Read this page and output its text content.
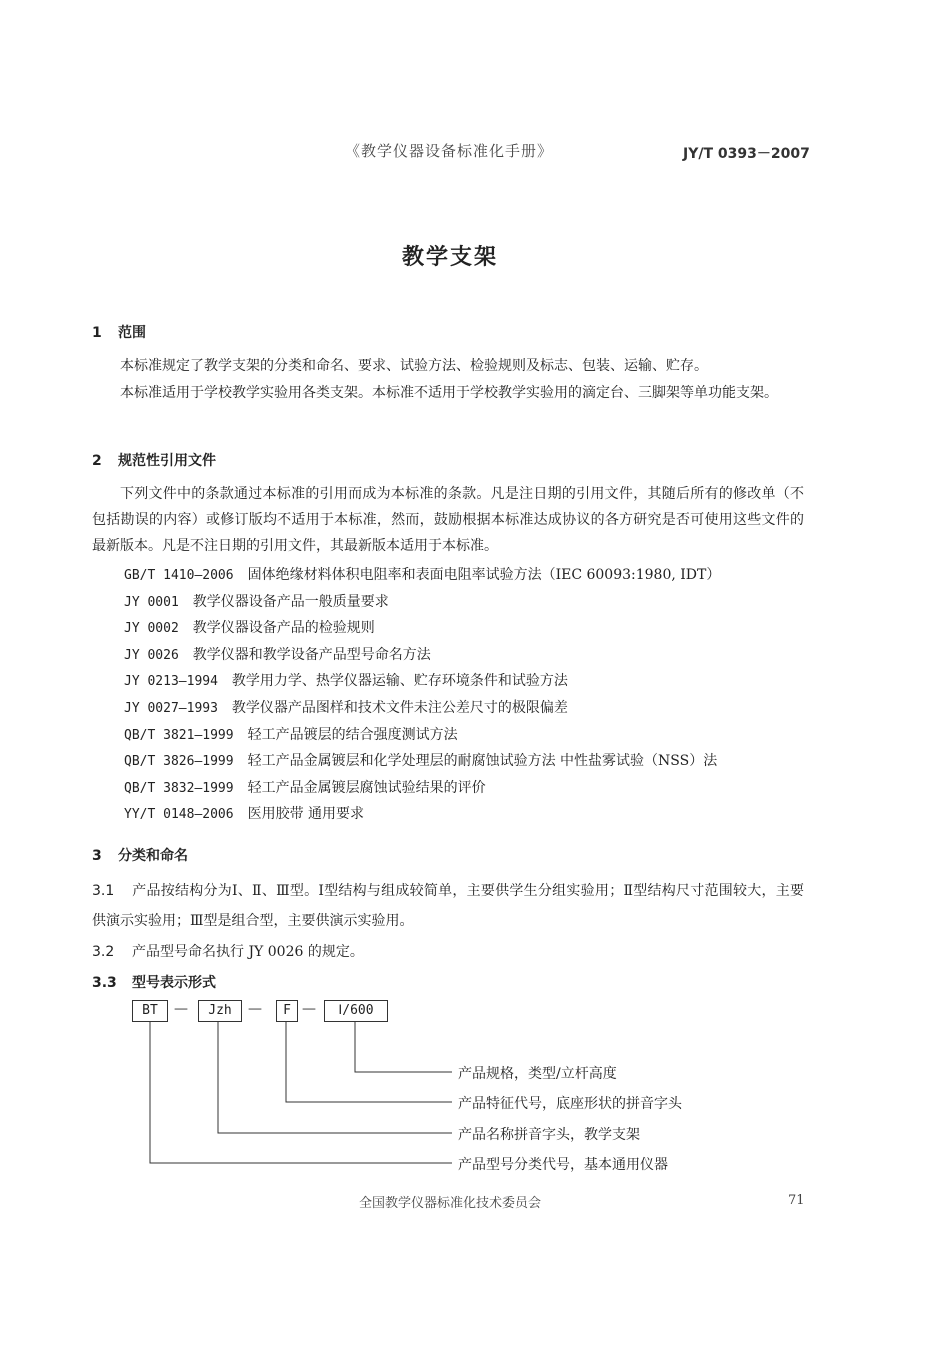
《教学仪器设备标准化手册》	JY/T 0393－2007
教学支架
1 范围
本标准规定了教学支架的分类和命名、要求、试验方法、检验规则及标志、包装、运输、贮存。
本标准适用于学校教学实验用各类支架。本标准不适用于学校教学实验用的滴定台、三脚架等单功能支架。
2 规范性引用文件
下列文件中的条款通过本标准的引用而成为本标准的条款。凡是注日期的引用文件，其随后所有的修改单（不包括勘误的内容）或修订版均不适用于本标准，然而，鼓励根据本标准达成协议的各方研究是否可使用这些文件的最新版本。凡是不注日期的引用文件，其最新版本适用于本标准。
GB/T 1410—2006 固体绝缘材料体积电阻率和表面电阻率试验方法（IEC 60093:1980, IDT）
JY 0001 教学仪器设备产品一般质量要求
JY 0002 教学仪器设备产品的检验规则
JY 0026 教学仪器和教学设备产品型号命名方法
JY 0213—1994 教学用力学、热学仪器运输、贮存环境条件和试验方法
JY 0027—1993 教学仪器产品图样和技术文件未注公差尺寸的极限偏差
QB/T 3821—1999 轻工产品镀层的结合强度测试方法
QB/T 3826—1999 轻工产品金属镀层和化学处理层的耐腐蚀试验方法 中性盐雾试验（NSS）法
QB/T 3832—1999 轻工产品金属镀层腐蚀试验结果的评价
YY/T 0148—2006 医用胶带 通用要求
3 分类和命名
3.1 产品按结构分为Ⅰ、Ⅱ、Ⅲ型。Ⅰ型结构与组成较简单，主要供学生分组实验用；Ⅱ型结构尺寸范围较大，主要供演示实验用；Ⅲ型是组合型，主要供演示实验用。
3.2 产品型号命名执行 JY 0026 的规定。
3.3 型号表示形式
BT	—	Jzh	—	F —	Ⅰ/600
产品规格，类型/立杆高度
产品特征代号，底座形状的拼音字头
产品名称拼音字头，教学支架
产品型号分类代号，基本通用仪器
全国教学仪器标准化技术委员会	71
